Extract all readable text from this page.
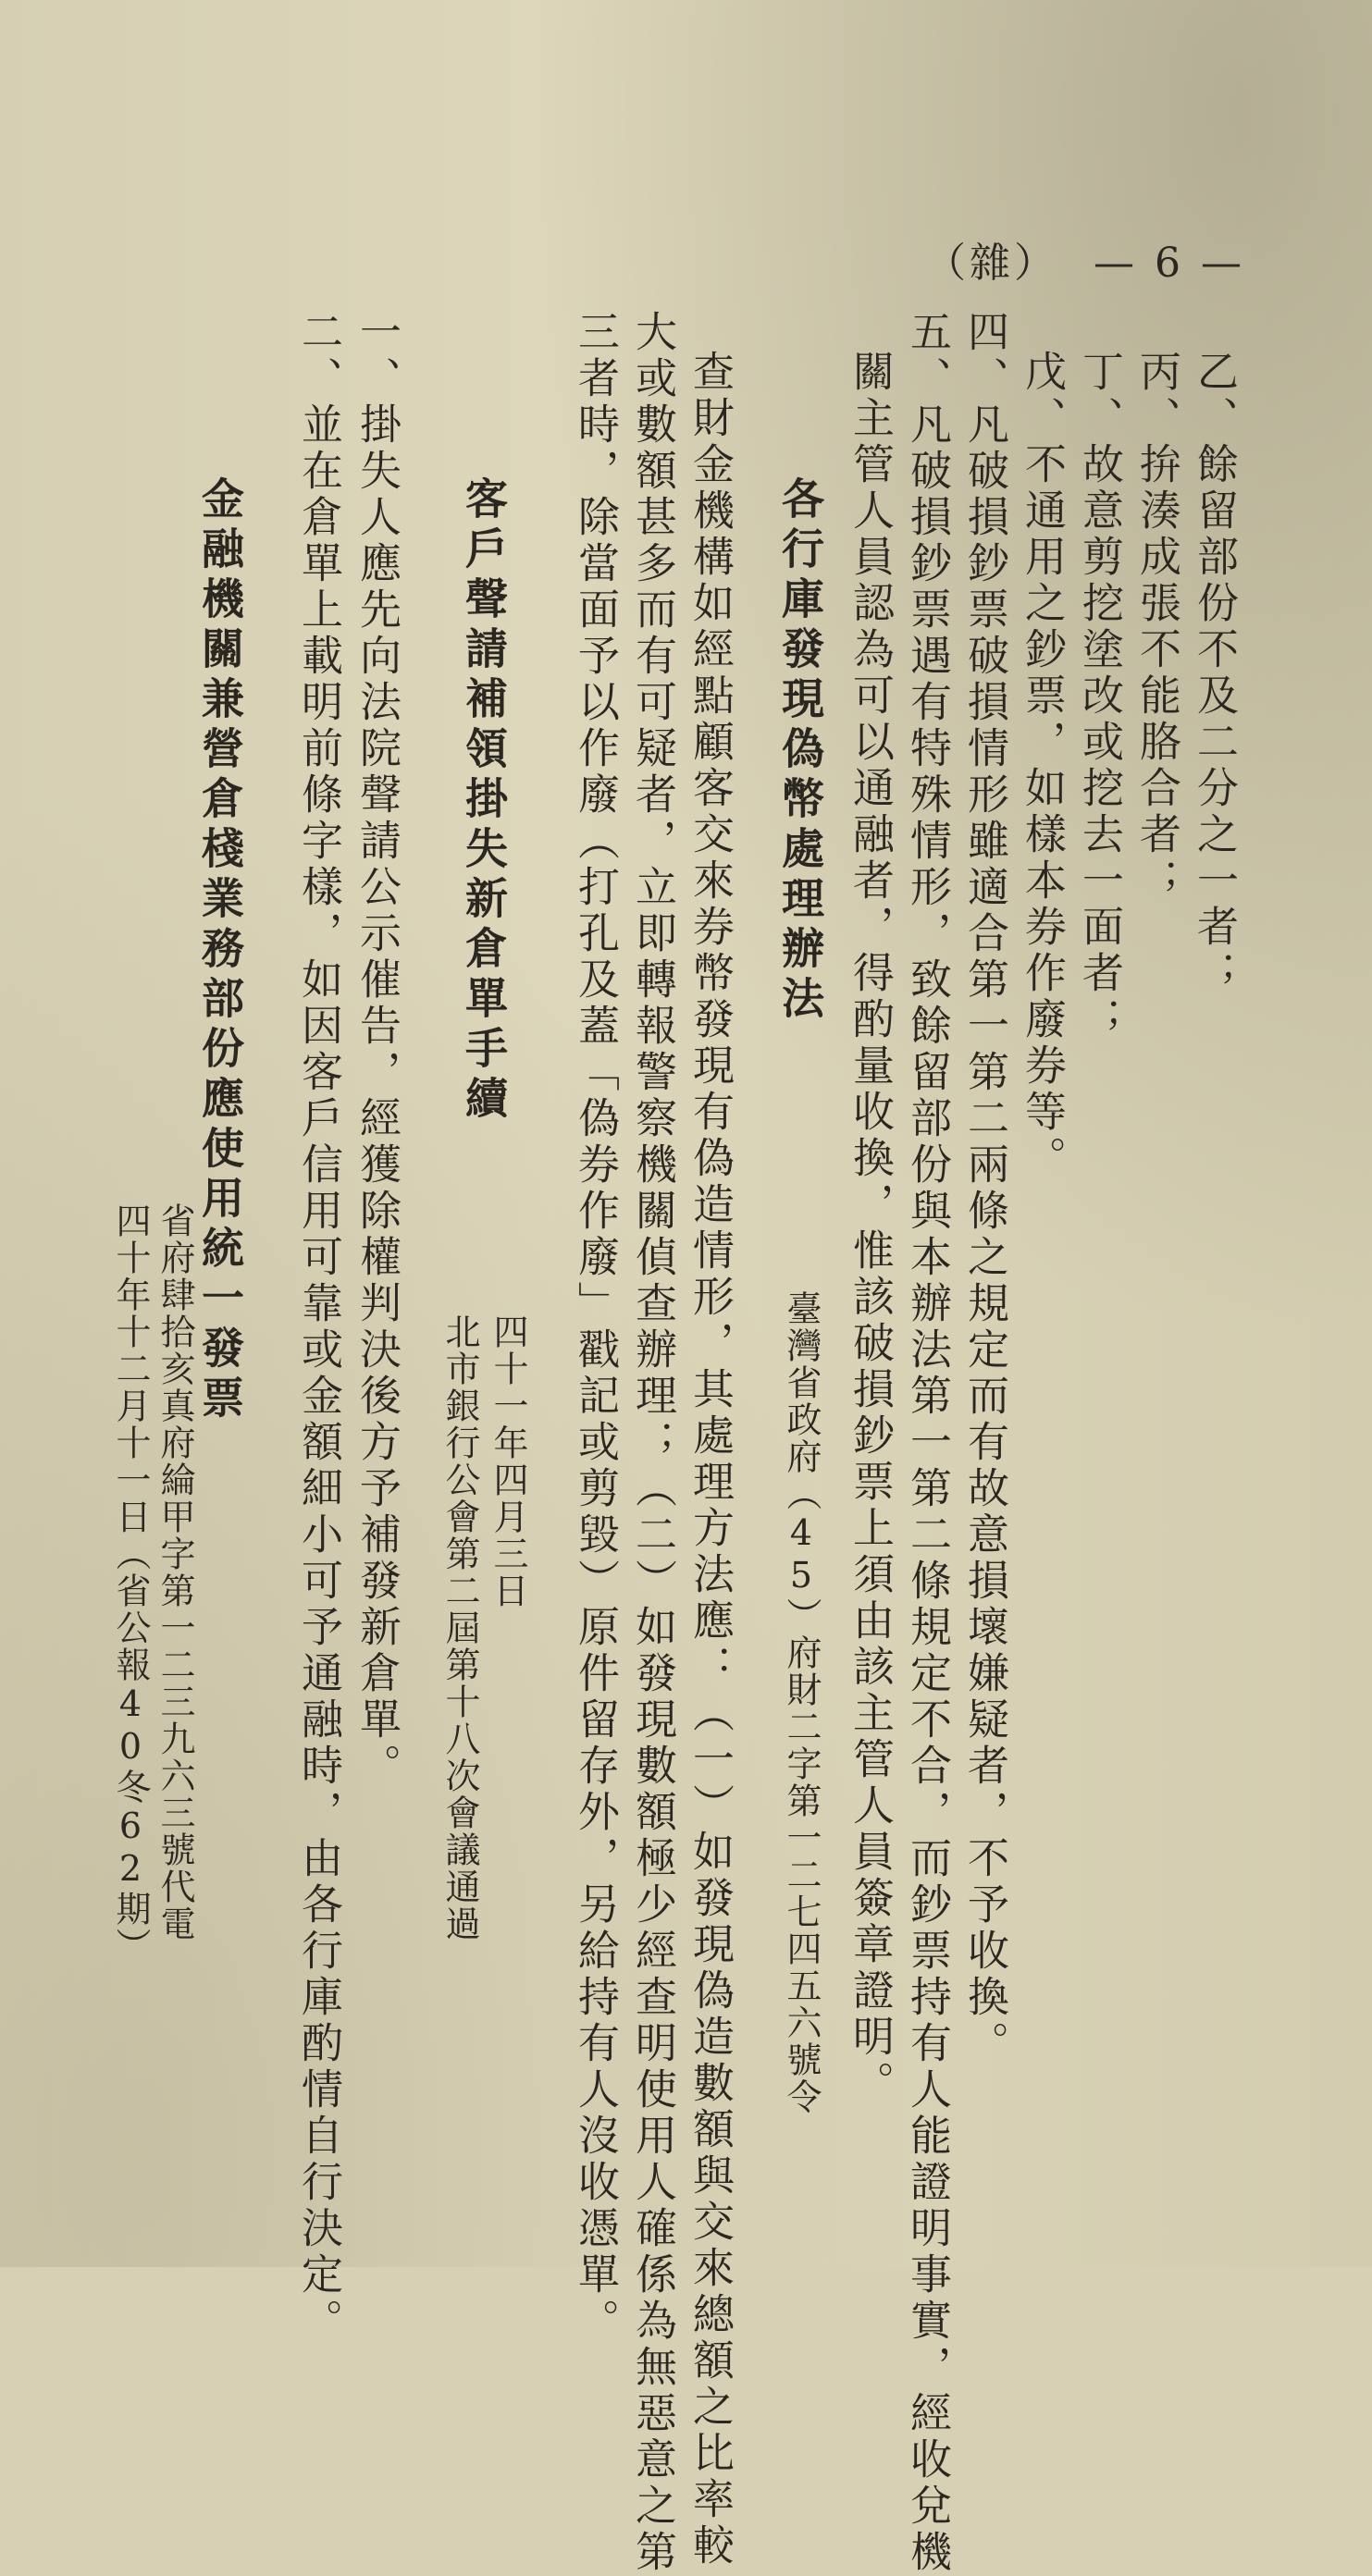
（雜） — 6 —
乙、餘留部份不及二分之一者；
丙、拚湊成張不能胳合者；
丁、故意剪挖塗改或挖去一面者；
戊、不通用之鈔票，如樣本券作廢券等。
四、凡破損鈔票破損情形雖適合第一第二兩條之規定而有故意損壞嫌疑者，不予收換。
五、凡破損鈔票遇有特殊情形，致餘留部份與本辦法第一第二條規定不合，而鈔票持有人能證明事實，經收兌機
關主管人員認為可以通融者，得酌量收換，惟該破損鈔票上須由該主管人員簽章證明。
各行庫發現偽幣處理辦法
臺灣省政府（45）府財二字第一二七四五六號令
查財金機構如經點顧客交來券幣發現有偽造情形，其處理方法應：（一）如發現偽造數額與交來總額之比率較
大或數額甚多而有可疑者，立即轉報警察機關偵查辦理；（二）如發現數額極少經查明使用人確係為無惡意之第
三者時，除當面予以作廢（打孔及蓋「偽券作廢」戳記或剪毀）原件留存外，另給持有人沒收憑單。
客戶聲請補領掛失新倉單手續
四十一年四月三日
北市銀行公會第二屆第十八次會議通過
一、掛失人應先向法院聲請公示催告，經獲除權判決後方予補發新倉單。
二、並在倉單上載明前條字樣，如因客戶信用可靠或金額細小可予通融時，由各行庫酌情自行決定。
金融機關兼營倉棧業務部份應使用統一發票
省府肆拾亥真府綸甲字第一二三九六三號代電
四十年十二月十一日（省公報40冬62期）
